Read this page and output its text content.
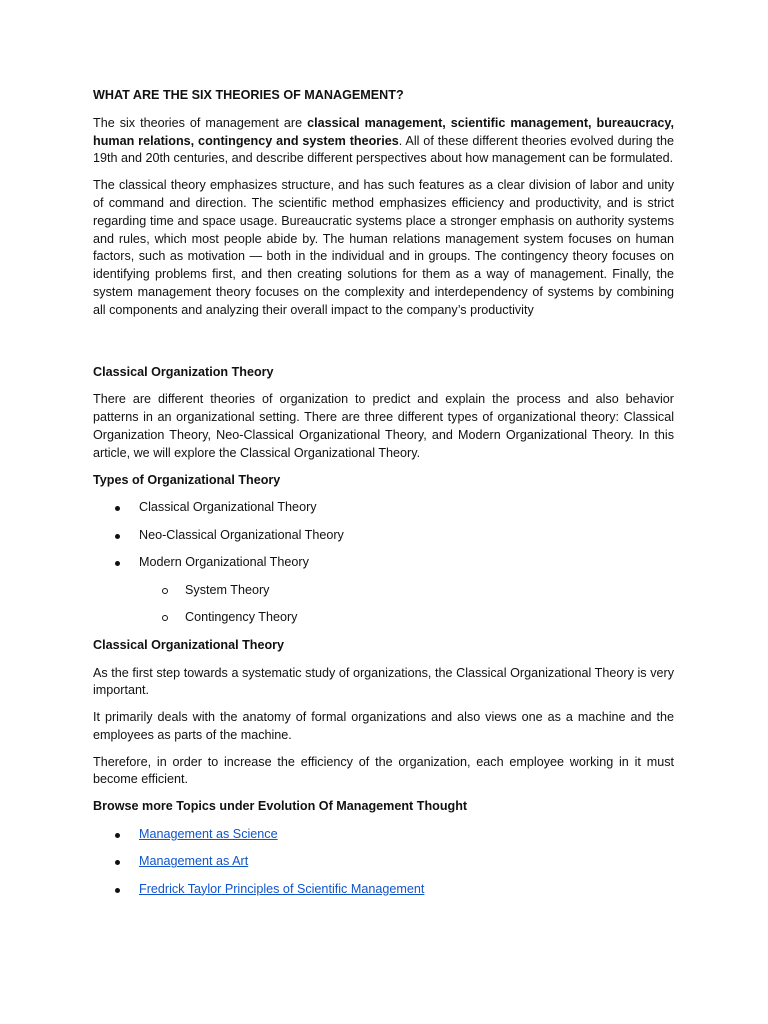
WHAT ARE THE SIX THEORIES OF MANAGEMENT?

The six theories of management are classical management, scientific management, bureaucracy, human relations, contingency and system theories. All of these different theories evolved during the 19th and 20th centuries, and describe different perspectives about how management can be formulated.

The classical theory emphasizes structure, and has such features as a clear division of labor and unity of command and direction. The scientific method emphasizes efficiency and productivity, and is strict regarding time and space usage. Bureaucratic systems place a stronger emphasis on authority systems and rules, which most people abide by. The human relations management system focuses on human factors, such as motivation — both in the individual and in groups. The contingency theory focuses on identifying problems first, and then creating solutions for them as a way of management. Finally, the system management theory focuses on the complexity and interdependency of systems by combining all components and analyzing their overall impact to the company’s productivity

Classical Organization Theory

There are different theories of organization to predict and explain the process and also behavior patterns in an organizational setting. There are three different types of organizational theory: Classical Organization Theory, Neo-Classical Organizational Theory, and Modern Organizational Theory. In this article, we will explore the Classical Organizational Theory.

Types of Organizational Theory
Classical Organizational Theory
Neo-Classical Organizational Theory
Modern Organizational Theory
System Theory
Contingency Theory
Classical Organizational Theory

As the first step towards a systematic study of organizations, the Classical Organizational Theory is very important.

It primarily deals with the anatomy of formal organizations and also views one as a machine and the employees as parts of the machine.

Therefore, in order to increase the efficiency of the organization, each employee working in it must become efficient.

Browse more Topics under Evolution Of Management Thought
Management as Science
Management as Art
Fredrick Taylor Principles of Scientific Management
